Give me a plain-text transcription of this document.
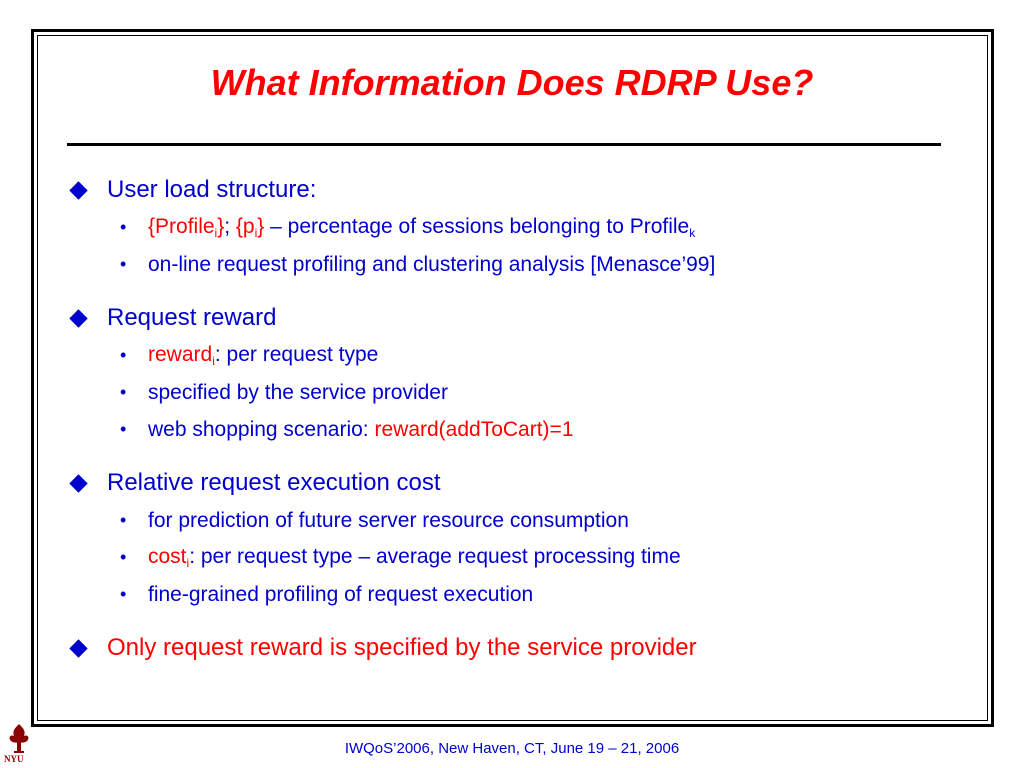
What Information Does RDRP Use?
User load structure:
•	{Profile$_i$}; $\{p_i\}$ – percentage of sessions belonging to Profile$_k$
•	on-line request profiling and clustering analysis [Menasce’99]
Request reward
•	reward$_i$: per request type
•	specified by the service provider
•	web shopping scenario: reward(addToCart)=1
Relative request execution cost
•	for prediction of future server resource consumption
•	cost$_i$: per request type – average request processing time
•	fine-grained profiling of request execution
Only request reward is specified by the service provider
NYU
IWQoS’2006, New Haven, CT, June 19 – 21, 2006
